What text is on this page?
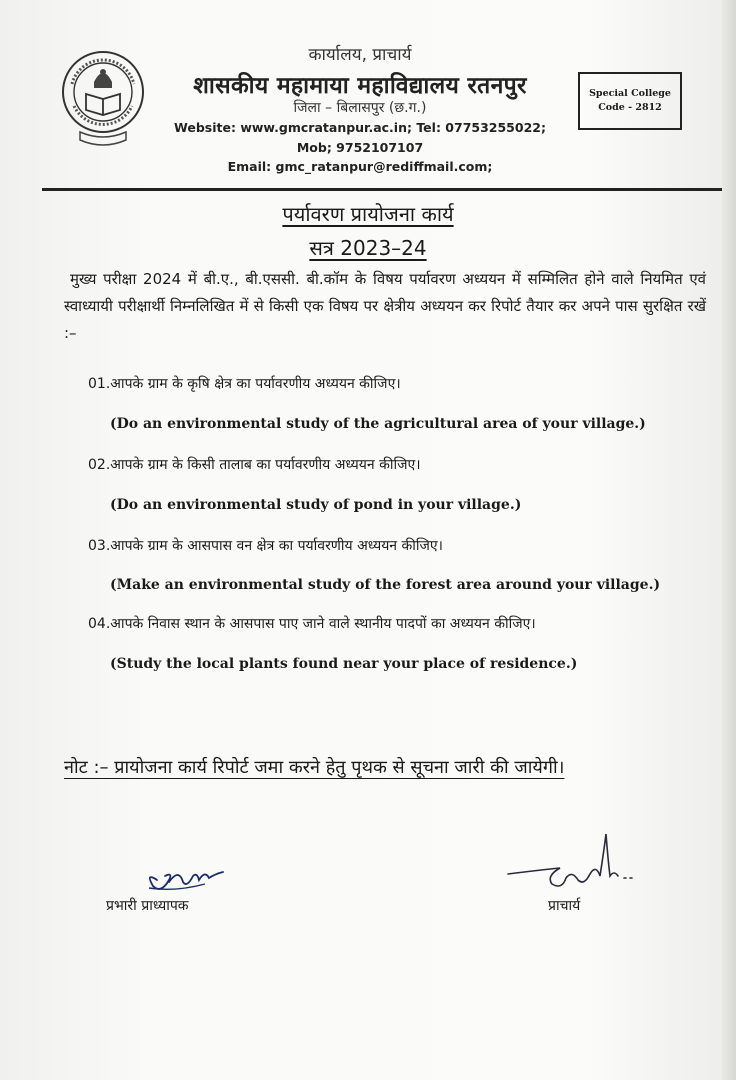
कार्यालय, प्राचार्य
शासकीय महामाया महाविद्यालय रतनपुर
जिला – बिलासपुर (छ.ग.)
Website: www.gmcratanpur.ac.in; Tel: 07753255022;
Mob; 9752107107
Email: gmc_ratanpur@rediffmail.com;
Special College
Code - 2812
पर्यावरण प्रायोजना कार्य
सत्र 2023–24
मुख्य परीक्षा 2024 में बी.ए., बी.एससी. बी.कॉम के विषय पर्यावरण अध्ययन में सम्मिलित होने वाले नियमित एवं स्वाध्यायी परीक्षार्थी निम्नलिखित में से किसी एक विषय पर क्षेत्रीय अध्ययन कर रिपोर्ट तैयार कर अपने पास सुरक्षित रखें :–
01.आपके ग्राम के कृषि क्षेत्र का पर्यावरणीय अध्ययन कीजिए।
(Do an environmental study of the agricultural area of your village.)
02.आपके ग्राम के किसी तालाब का पर्यावरणीय अध्ययन कीजिए।
(Do an environmental study of pond in your village.)
03.आपके ग्राम के आसपास वन क्षेत्र का पर्यावरणीय अध्ययन कीजिए।
(Make an environmental study of the forest area around your village.)
04.आपके निवास स्थान के आसपास पाए जाने वाले स्थानीय पादपों का अध्ययन कीजिए।
(Study the local plants found near your place of residence.)
नोट :– प्रायोजना कार्य रिपोर्ट जमा करने हेतु पृथक से सूचना जारी की जायेगी।
प्रभारी प्राध्यापक	प्राचार्य
